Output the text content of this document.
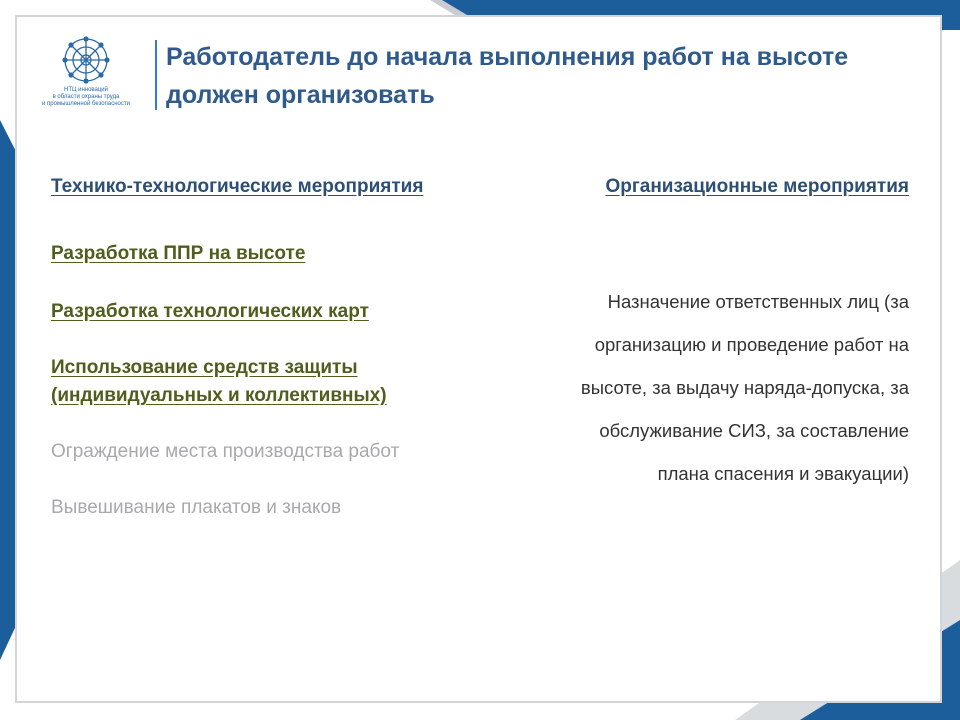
НТЦ инноваций
в области охраны труда
и промышленной безопасности
Работодатель до начала выполнения работ на высоте должен организовать
Технико-технологические мероприятия
Разработка ППР на высоте
Разработка технологических карт
Использование средств защиты (индивидуальных и коллективных)
Ограждение места производства работ
Вывешивание плакатов и знаков
Организационные мероприятия
Назначение ответственных лиц (за
организацию и проведение работ на
высоте, за выдачу наряда-допуска, за
обслуживание СИЗ, за составление
плана спасения и эвакуации)
